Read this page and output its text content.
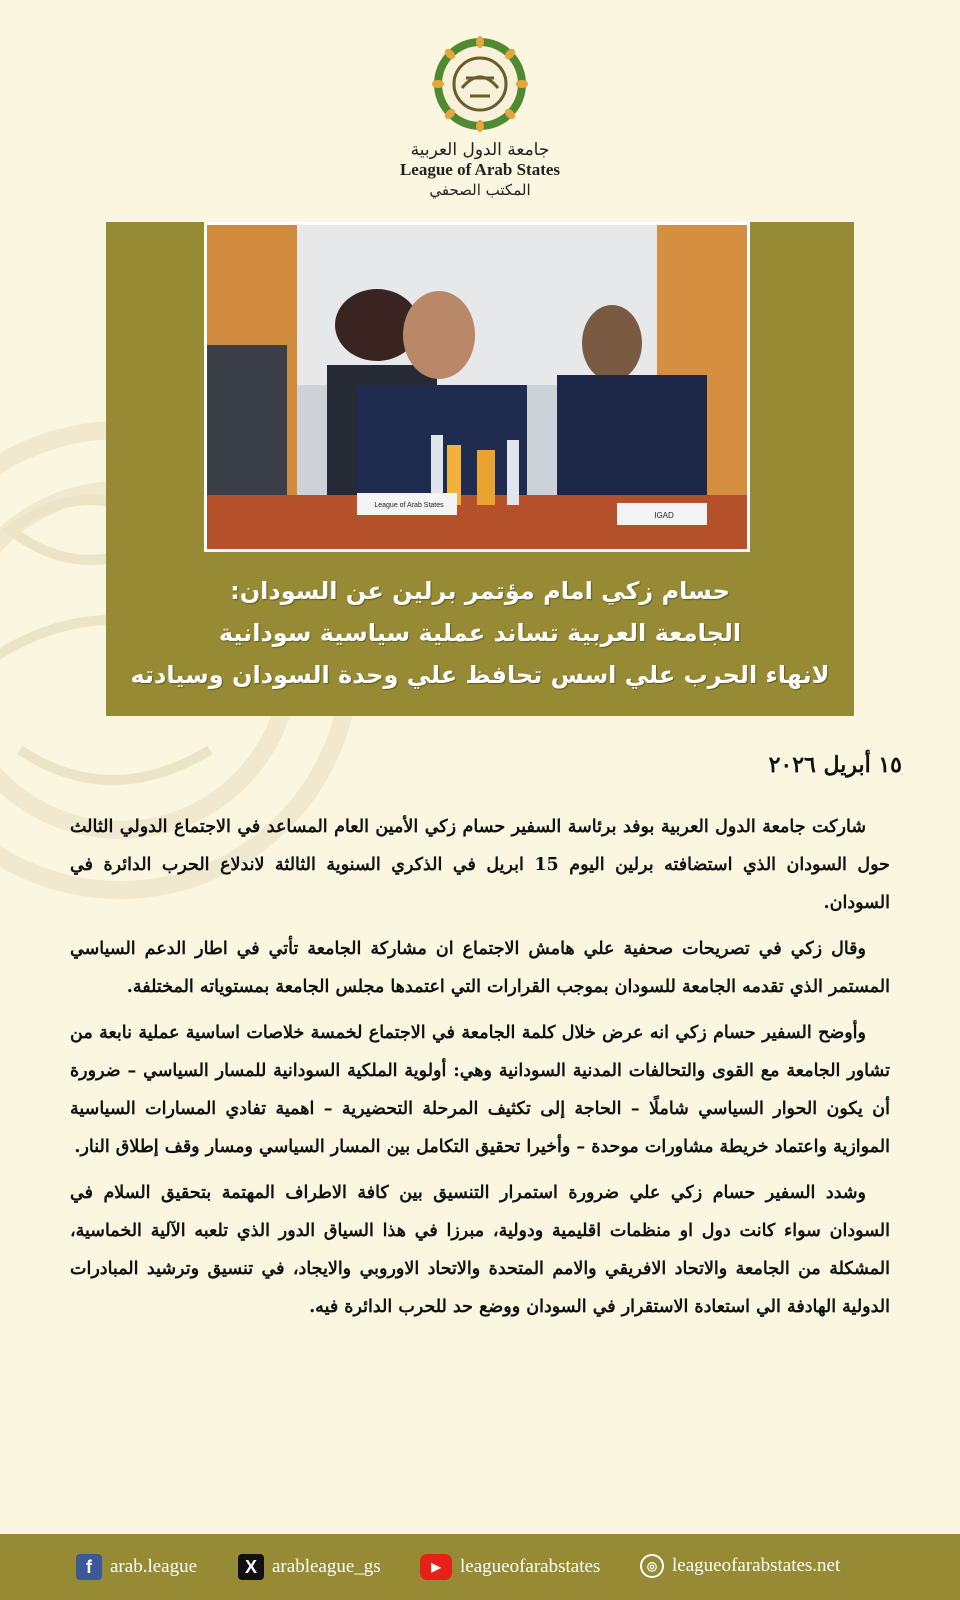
جامعة الدول العربية
League of Arab States
المكتب الصحفي
League of Arab States
IGAD
حسام زكي امام مؤتمر برلين عن السودان:
الجامعة العربية تساند عملية سياسية سودانية
لانهاء الحرب علي اسس تحافظ علي وحدة السودان وسيادته
١٥ أبريل ٢٠٢٦

شاركت جامعة الدول العربية بوفد برئاسة السفير حسام زكي الأمين العام المساعد في الاجتماع الدولي الثالث حول السودان الذي استضافته برلين اليوم 15 ابريل في الذكري السنوية الثالثة لاندلاع الحرب الدائرة في السودان.

وقال زكي في تصريحات صحفية علي هامش الاجتماع ان مشاركة الجامعة تأتي في اطار الدعم السياسي المستمر الذي تقدمه الجامعة للسودان بموجب القرارات التي اعتمدها مجلس الجامعة بمستوياته المختلفة.

وأوضح السفير حسام زكي انه عرض خلال كلمة الجامعة في الاجتماع لخمسة خلاصات اساسية عملية نابعة من تشاور الجامعة مع القوى والتحالفات المدنية السودانية وهي: أولوية الملكية السودانية للمسار السياسي – ضرورة أن يكون الحوار السياسي شاملًا – الحاجة إلى تكثيف المرحلة التحضيرية – اهمية تفادي المسارات السياسية الموازية واعتماد خريطة مشاورات موحدة – وأخيرا تحقيق التكامل بين المسار السياسي ومسار وقف إطلاق النار.

وشدد السفير حسام زكي علي ضرورة استمرار التنسيق بين كافة الاطراف المهتمة بتحقيق السلام في السودان سواء كانت دول او منظمات اقليمية ودولية، مبرزا في هذا السياق الدور الذي تلعبه الآلية الخماسية، المشكلة من الجامعة والاتحاد الافريقي والامم المتحدة والاتحاد الاوروبي والايجاد، في تنسيق وترشيد المبادرات الدولية الهادفة الي استعادة الاستقرار في السودان ووضع حد للحرب الدائرة فيه.

f arab.league	X arableague_gs	▶	leagueofarabstates	◎ leagueofarabstates.net
